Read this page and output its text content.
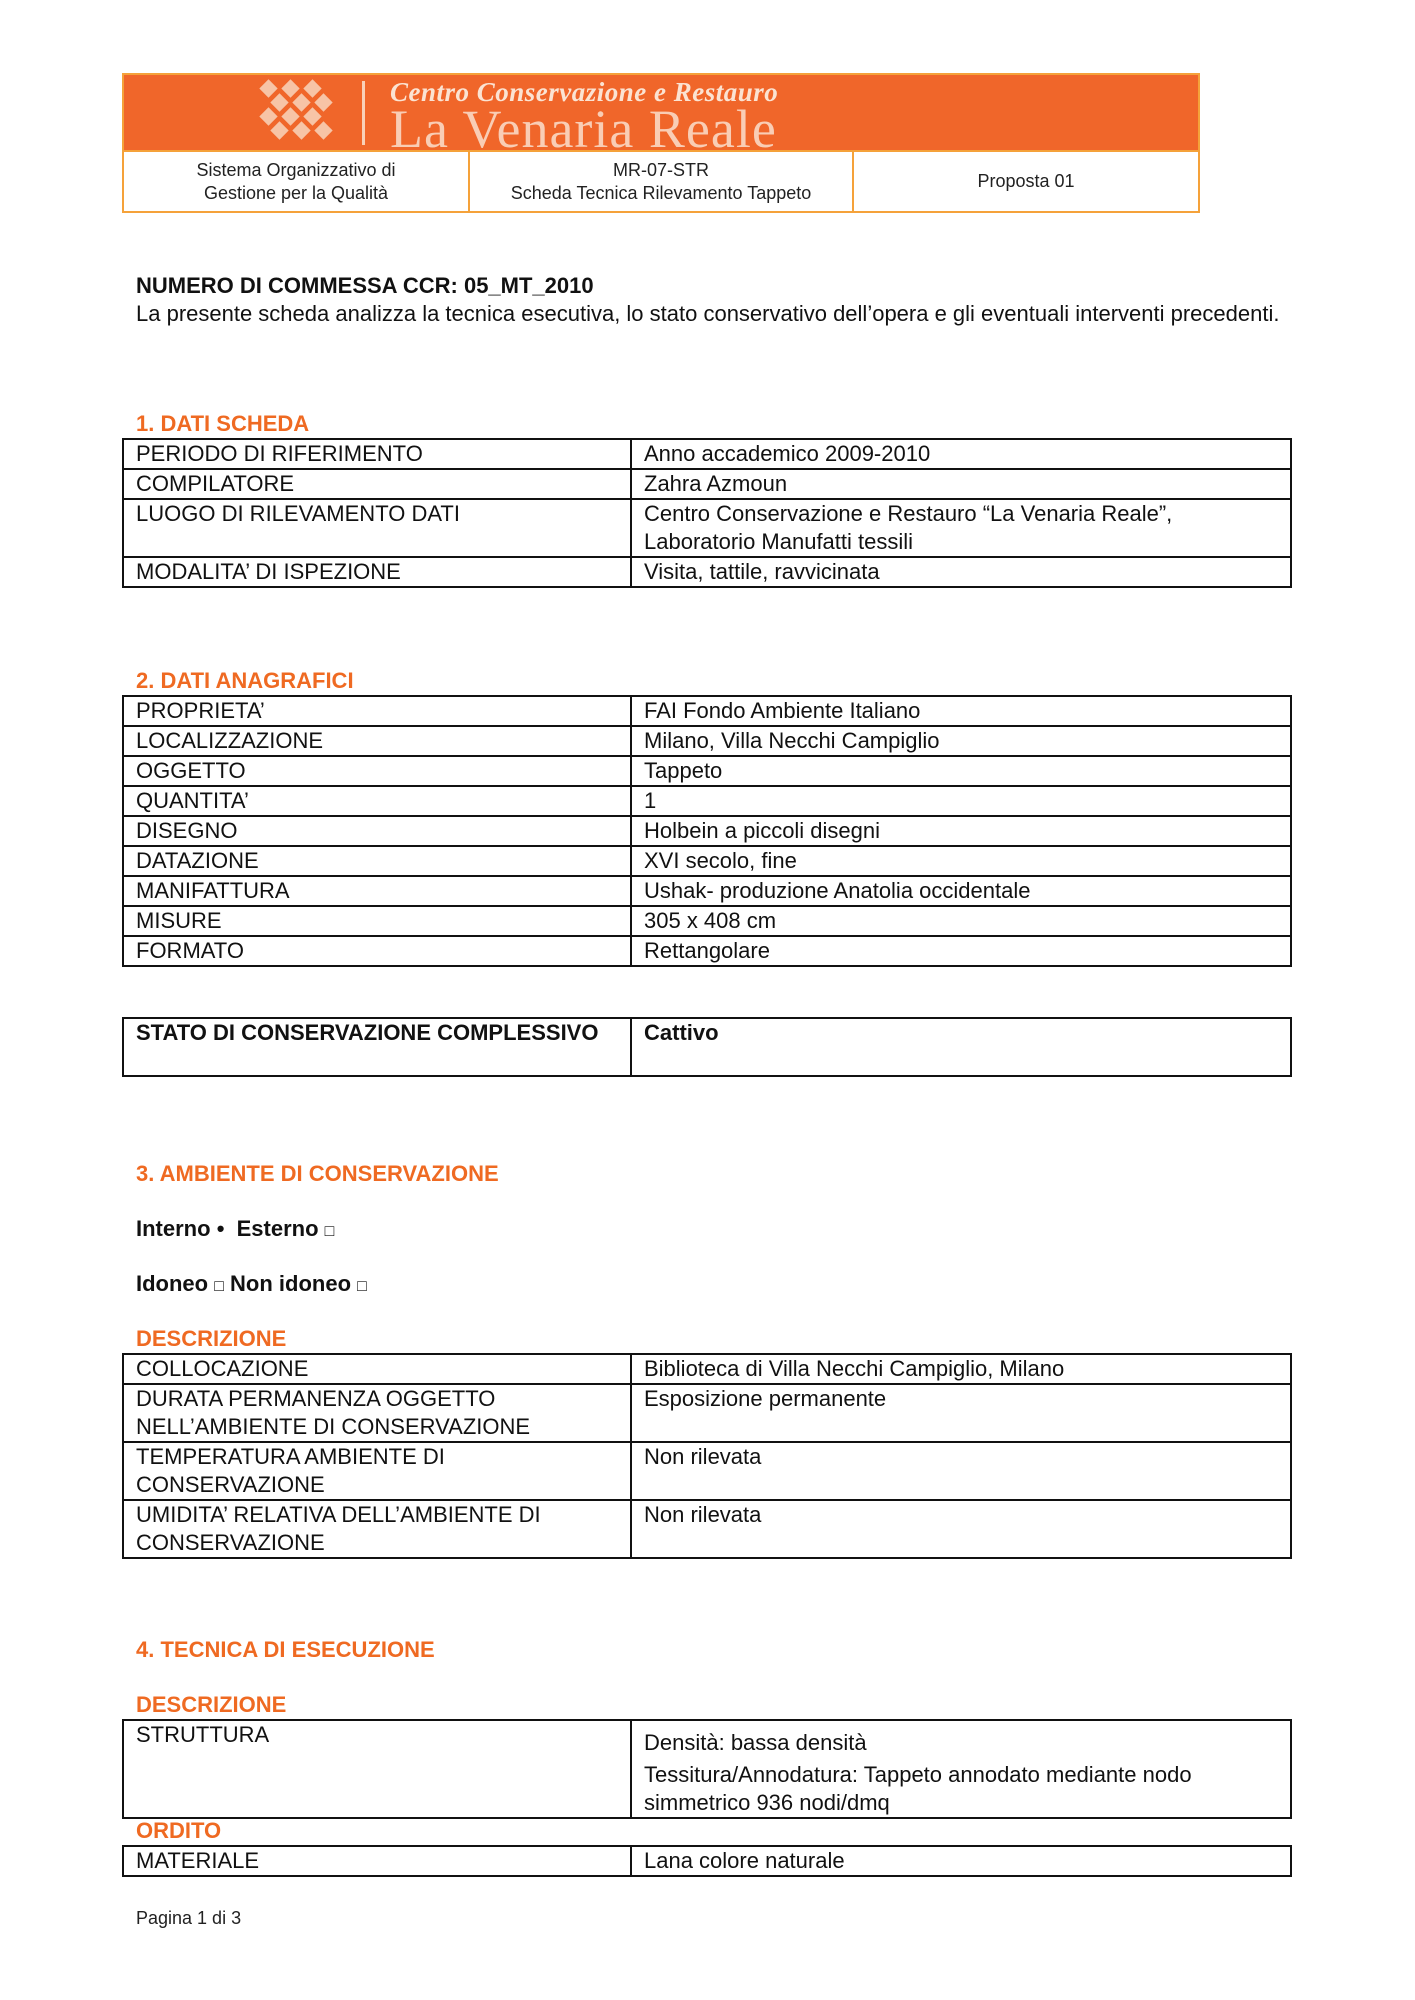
Centro Conservazione e Restauro
La Venaria Reale
Sistema Organizzativo di Gestione per la Qualità
MR-07-STR
Scheda Tecnica Rilevamento Tappeto
Proposta 01
NUMERO DI COMMESSA CCR: 05_MT_2010
La presente scheda analizza la tecnica esecutiva, lo stato conservativo dell’opera e gli eventuali interventi precedenti.
1. DATI SCHEDA
PERIODO DI RIFERIMENTO	Anno accademico 2009-2010
COMPILATORE	Zahra Azmoun
LUOGO DI RILEVAMENTO DATI	Centro Conservazione e Restauro “La Venaria Reale”, Laboratorio Manufatti tessili
MODALITA’ DI ISPEZIONE	Visita, tattile, ravvicinata
2. DATI ANAGRAFICI
PROPRIETA’	FAI Fondo Ambiente Italiano
LOCALIZZAZIONE	Milano, Villa Necchi Campiglio
OGGETTO	Tappeto
QUANTITA’	1
DISEGNO	Holbein a piccoli disegni
DATAZIONE	XVI secolo, fine
MANIFATTURA	Ushak- produzione Anatolia occidentale
MISURE	305 x 408 cm
FORMATO	Rettangolare
STATO DI CONSERVAZIONE COMPLESSIVO	Cattivo
3. AMBIENTE DI CONSERVAZIONE
Interno • Esterno □
Idoneo □ Non idoneo □
DESCRIZIONE
COLLOCAZIONE	Biblioteca di Villa Necchi Campiglio, Milano
DURATA PERMANENZA OGGETTO NELL’AMBIENTE DI CONSERVAZIONE	Esposizione permanente
TEMPERATURA AMBIENTE DI CONSERVAZIONE	Non rilevata
UMIDITA’ RELATIVA DELL’AMBIENTE DI CONSERVAZIONE	Non rilevata
4. TECNICA DI ESECUZIONE
DESCRIZIONE
STRUTTURA	Densità: bassa densità
Tessitura/Annodatura: Tappeto annodato mediante nodo simmetrico 936 nodi/dmq
ORDITO
MATERIALE	Lana colore naturale
Pagina 1 di 3
